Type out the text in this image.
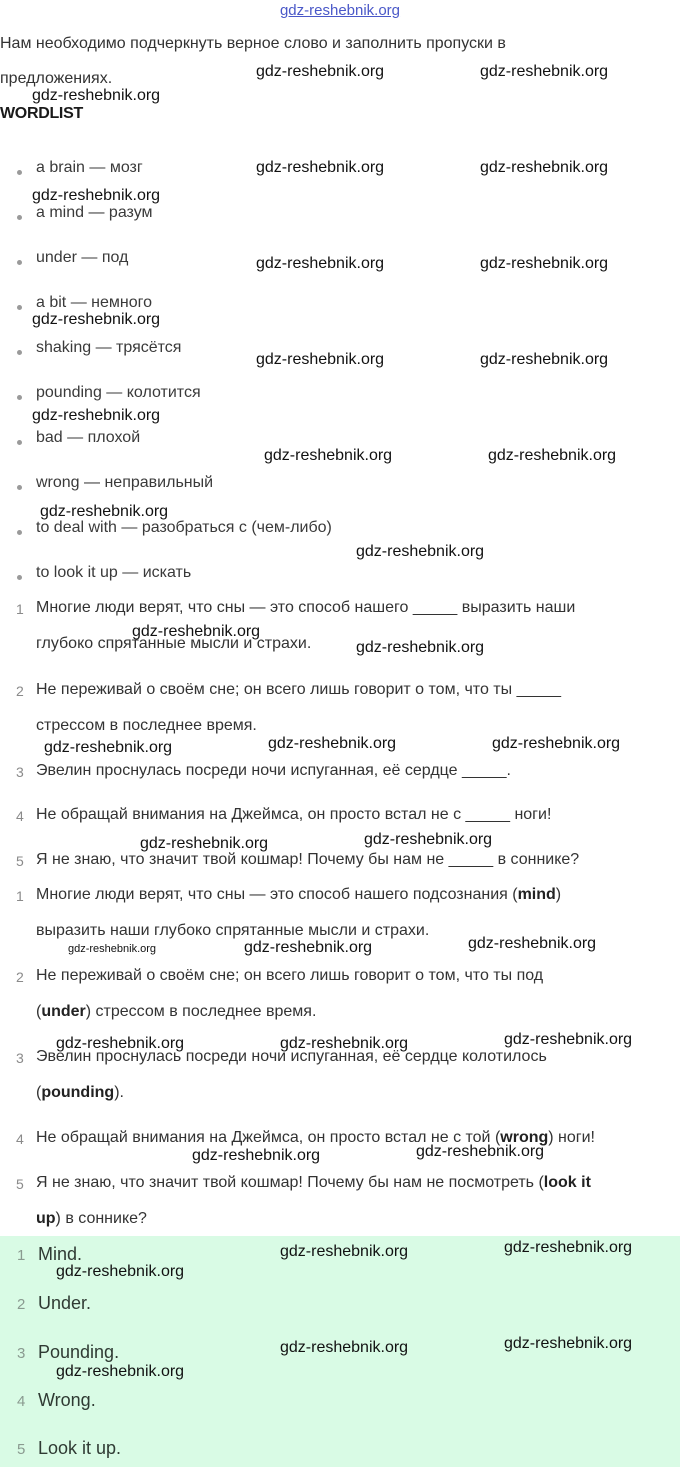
gdz-reshebnik.org
Нам необходимо подчеркнуть верное слово и заполнить пропуски в
предложениях.
WORDLIST
a brain — мозг
a mind — разум
under — под
a bit — немного
shaking — трясётся
pounding — колотится
bad — плохой
wrong — неправильный
to deal with — разобраться с (чем-либо)
to look it up — искать
1 Многие люди верят, что сны — это способ нашего _____ выразить наши
глубоко спрятанные мысли и страхи.
2 Не переживай о своём сне; он всего лишь говорит о том, что ты _____
стрессом в последнее время.
3 Эвелин проснулась посреди ночи испуганная, её сердце _____.
4 Не обращай внимания на Джеймса, он просто встал не с _____ ноги!
5 Я не знаю, что значит твой кошмар! Почему бы нам не _____ в соннике?
1 Многие люди верят, что сны — это способ нашего подсознания (mind)
выразить наши глубоко спрятанные мысли и страхи.
2 Не переживай о своём сне; он всего лишь говорит о том, что ты под
(under) стрессом в последнее время.
3 Эвелин проснулась посреди ночи испуганная, её сердце колотилось
(pounding).
4 Не обращай внимания на Джеймса, он просто встал не с той (wrong) ноги!
5 Я не знаю, что значит твой кошмар! Почему бы нам не посмотреть (look it
up) в соннике?
1 Mind.
2 Under.
3 Pounding.
4 Wrong.
5 Look it up.
gdz-reshebnik.org	gdz-reshebnik.org
gdz-reshebnik.org
gdz-reshebnik.org	gdz-reshebnik.org
gdz-reshebnik.org
gdz-reshebnik.org	gdz-reshebnik.org
gdz-reshebnik.org
gdz-reshebnik.org	gdz-reshebnik.org
gdz-reshebnik.org
gdz-reshebnik.org	gdz-reshebnik.org
gdz-reshebnik.org
gdz-reshebnik.org
gdz-reshebnik.org
gdz-reshebnik.org
gdz-reshebnik.org	gdz-reshebnik.org	gdz-reshebnik.org
gdz-reshebnik.org	gdz-reshebnik.org
gdz-reshebnik.org	gdz-reshebnik.org	gdz-reshebnik.org
gdz-reshebnik.org	gdz-reshebnik.org	gdz-reshebnik.org
gdz-reshebnik.org	gdz-reshebnik.org
gdz-reshebnik.org	gdz-reshebnik.org
gdz-reshebnik.org
gdz-reshebnik.org	gdz-reshebnik.org
gdz-reshebnik.org
